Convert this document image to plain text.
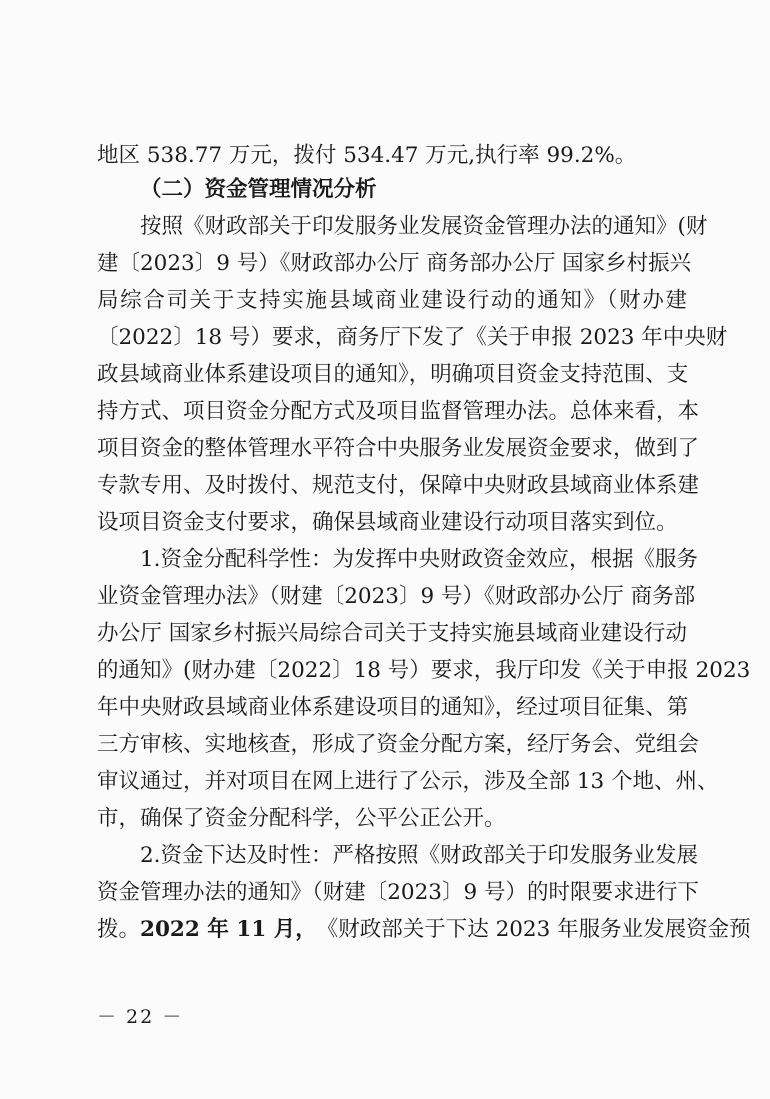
地区 538.77 万元，拨付 534.47 万元,执行率 99.2%。
（二）资金管理情况分析
按照《财政部关于印发服务业发展资金管理办法的通知》(财
建〔2023〕9 号）《财政部办公厅 商务部办公厅 国家乡村振兴
局综合司关于支持实施县域商业建设行动的通知》（财办建
〔2022〕18 号）要求，商务厅下发了《关于申报 2023 年中央财
政县域商业体系建设项目的通知》，明确项目资金支持范围、支
持方式、项目资金分配方式及项目监督管理办法。总体来看，本
项目资金的整体管理水平符合中央服务业发展资金要求，做到了
专款专用、及时拨付、规范支付，保障中央财政县域商业体系建
设项目资金支付要求，确保县域商业建设行动项目落实到位。
1.资金分配科学性：为发挥中央财政资金效应，根据《服务
业资金管理办法》（财建〔2023〕9 号）《财政部办公厅 商务部
办公厅 国家乡村振兴局综合司关于支持实施县域商业建设行动
的通知》(财办建〔2022〕18 号）要求，我厅印发《关于申报 2023
年中央财政县域商业体系建设项目的通知》，经过项目征集、第
三方审核、实地核查，形成了资金分配方案，经厅务会、党组会
审议通过，并对项目在网上进行了公示，涉及全部 13 个地、州、
市，确保了资金分配科学，公平公正公开。
2.资金下达及时性：严格按照《财政部关于印发服务业发展
资金管理办法的通知》（财建〔2023〕9 号）的时限要求进行下
拨。 2022 年 11 月， 《财政部关于下达 2023 年服务业发展资金预
－ 22 －
